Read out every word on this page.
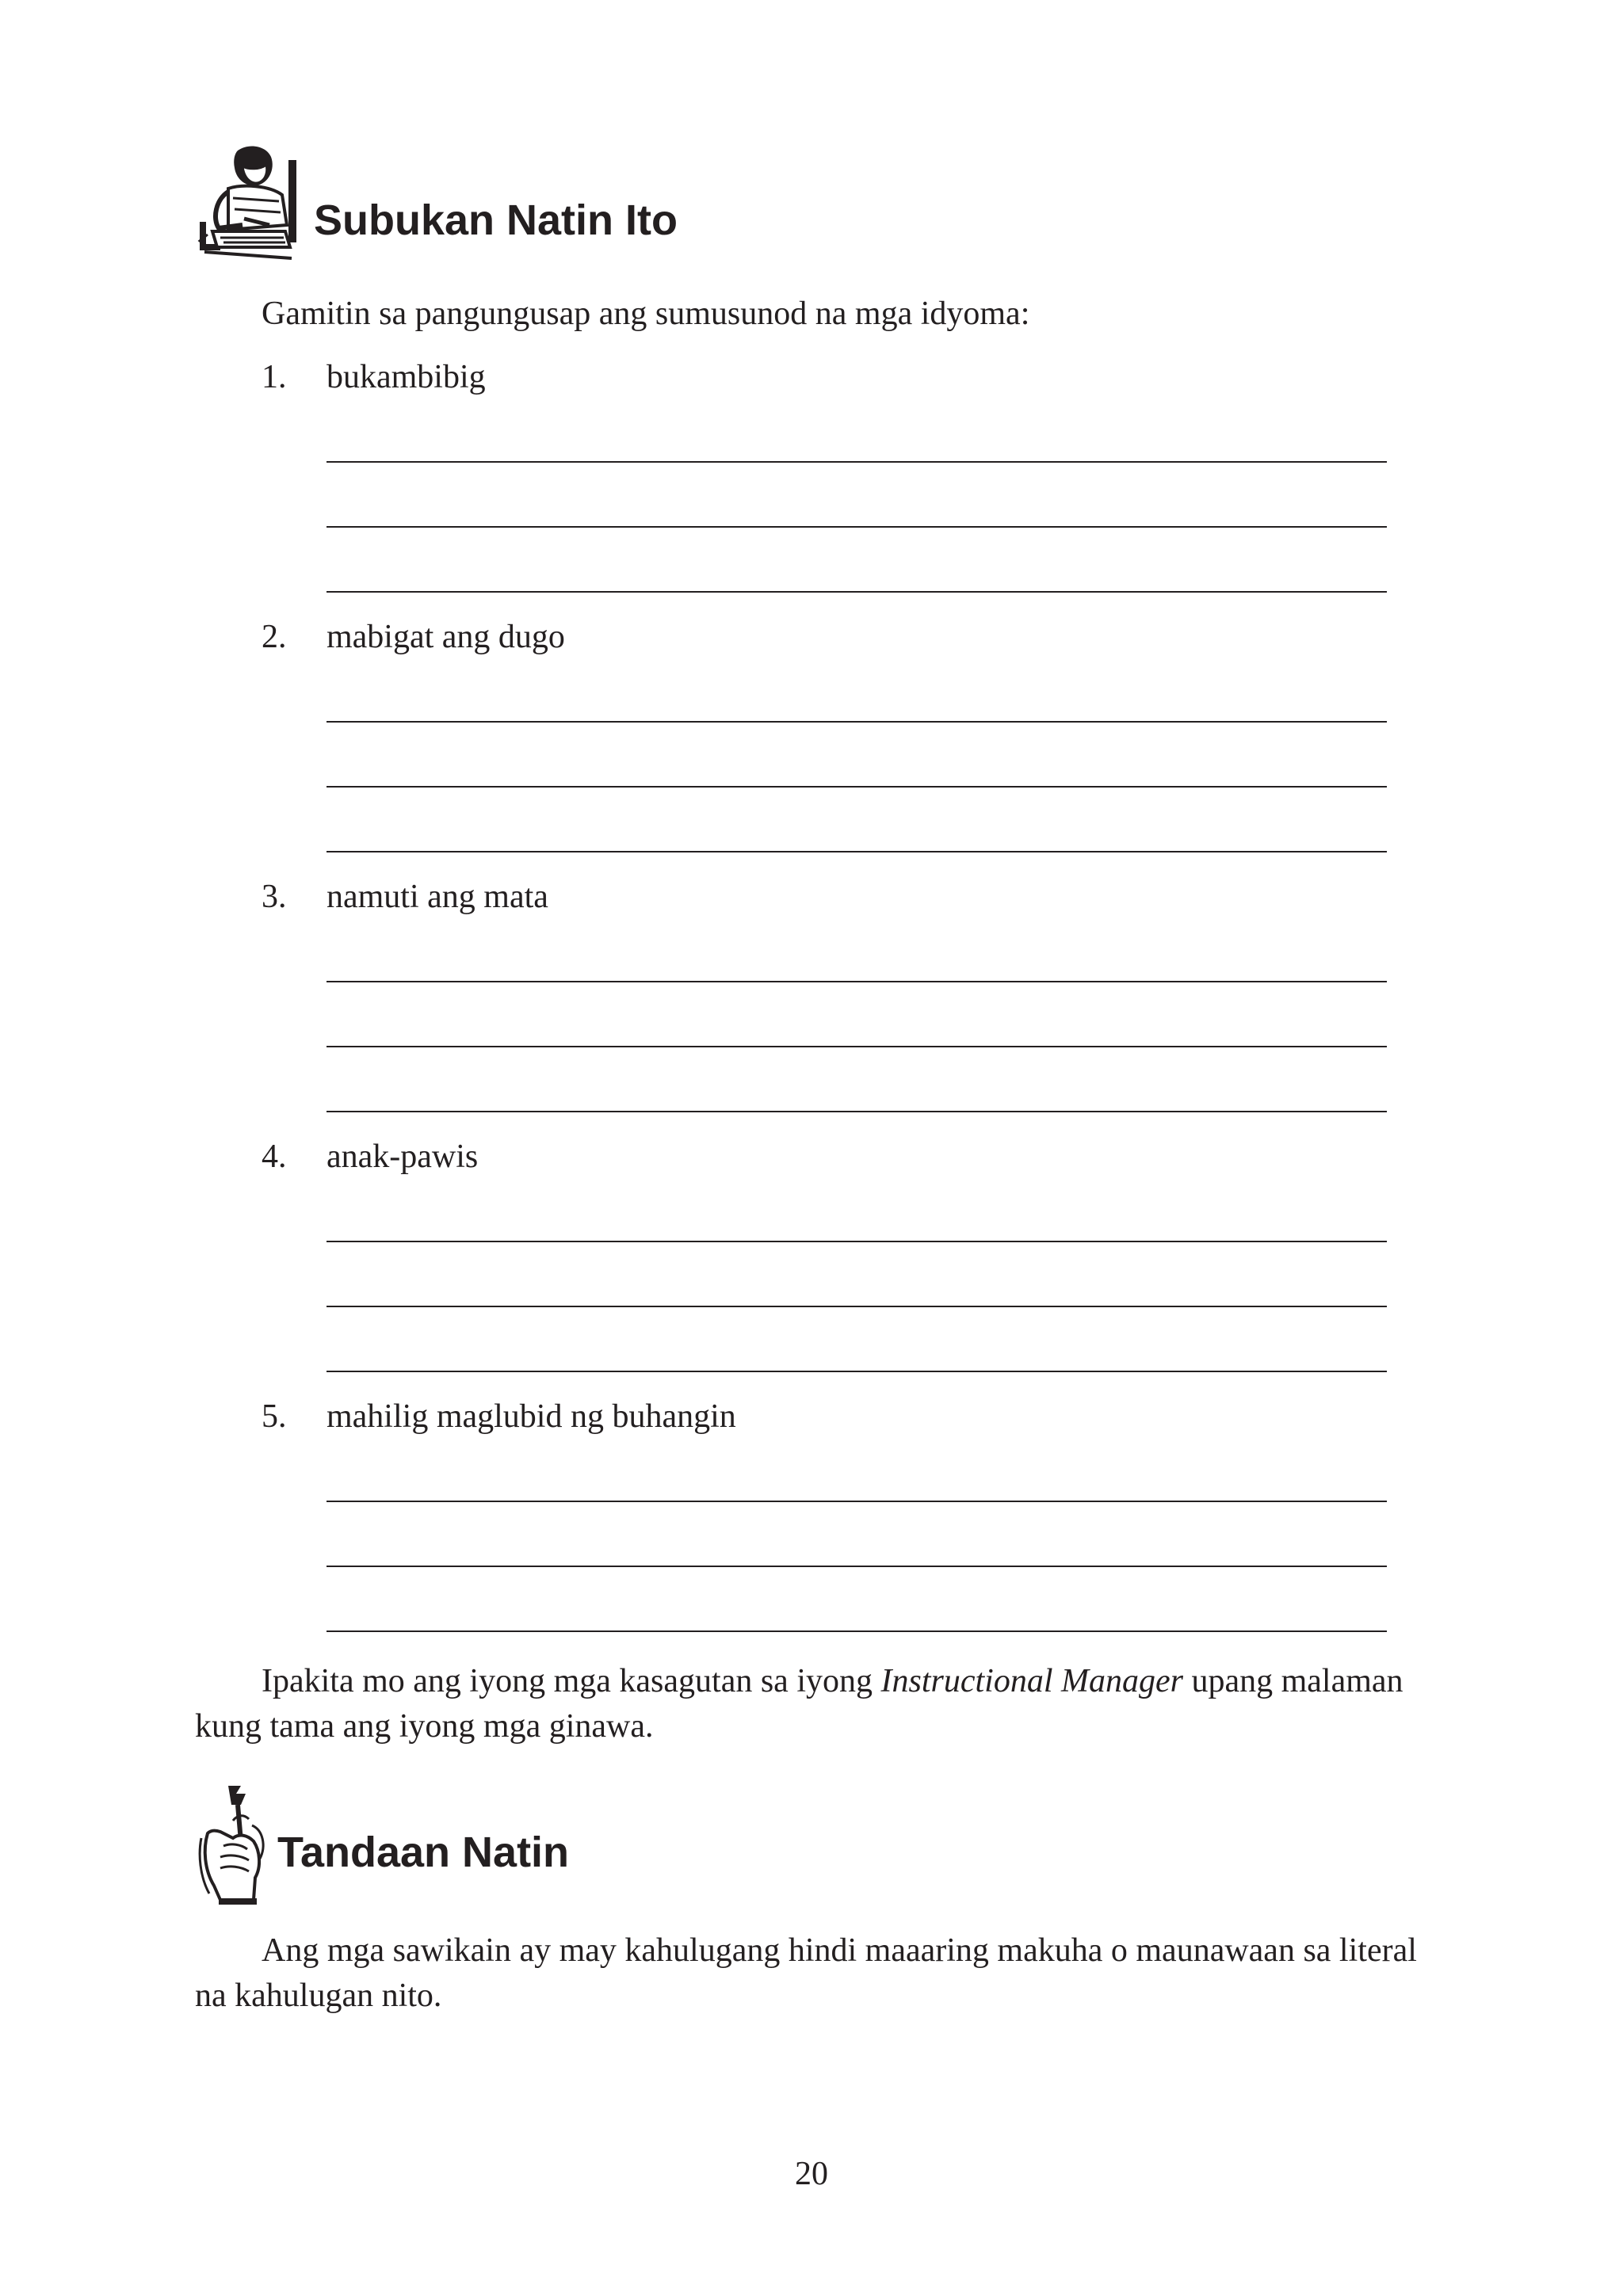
Subukan Natin Ito
Gamitin sa pangungusap ang sumusunod na mga idyoma:
1.	bukambibig
2.	mabigat ang dugo
3.	namuti ang mata
4.	anak-pawis
5.	mahilig maglubid ng buhangin
Ipakita mo ang iyong mga kasagutan sa iyong Instructional Manager upang malaman kung tama ang iyong mga ginawa.
Tandaan Natin
Ang mga sawikain ay may kahulugang hindi maaaring makuha o maunawaan sa literal na kahulugan nito.
20
